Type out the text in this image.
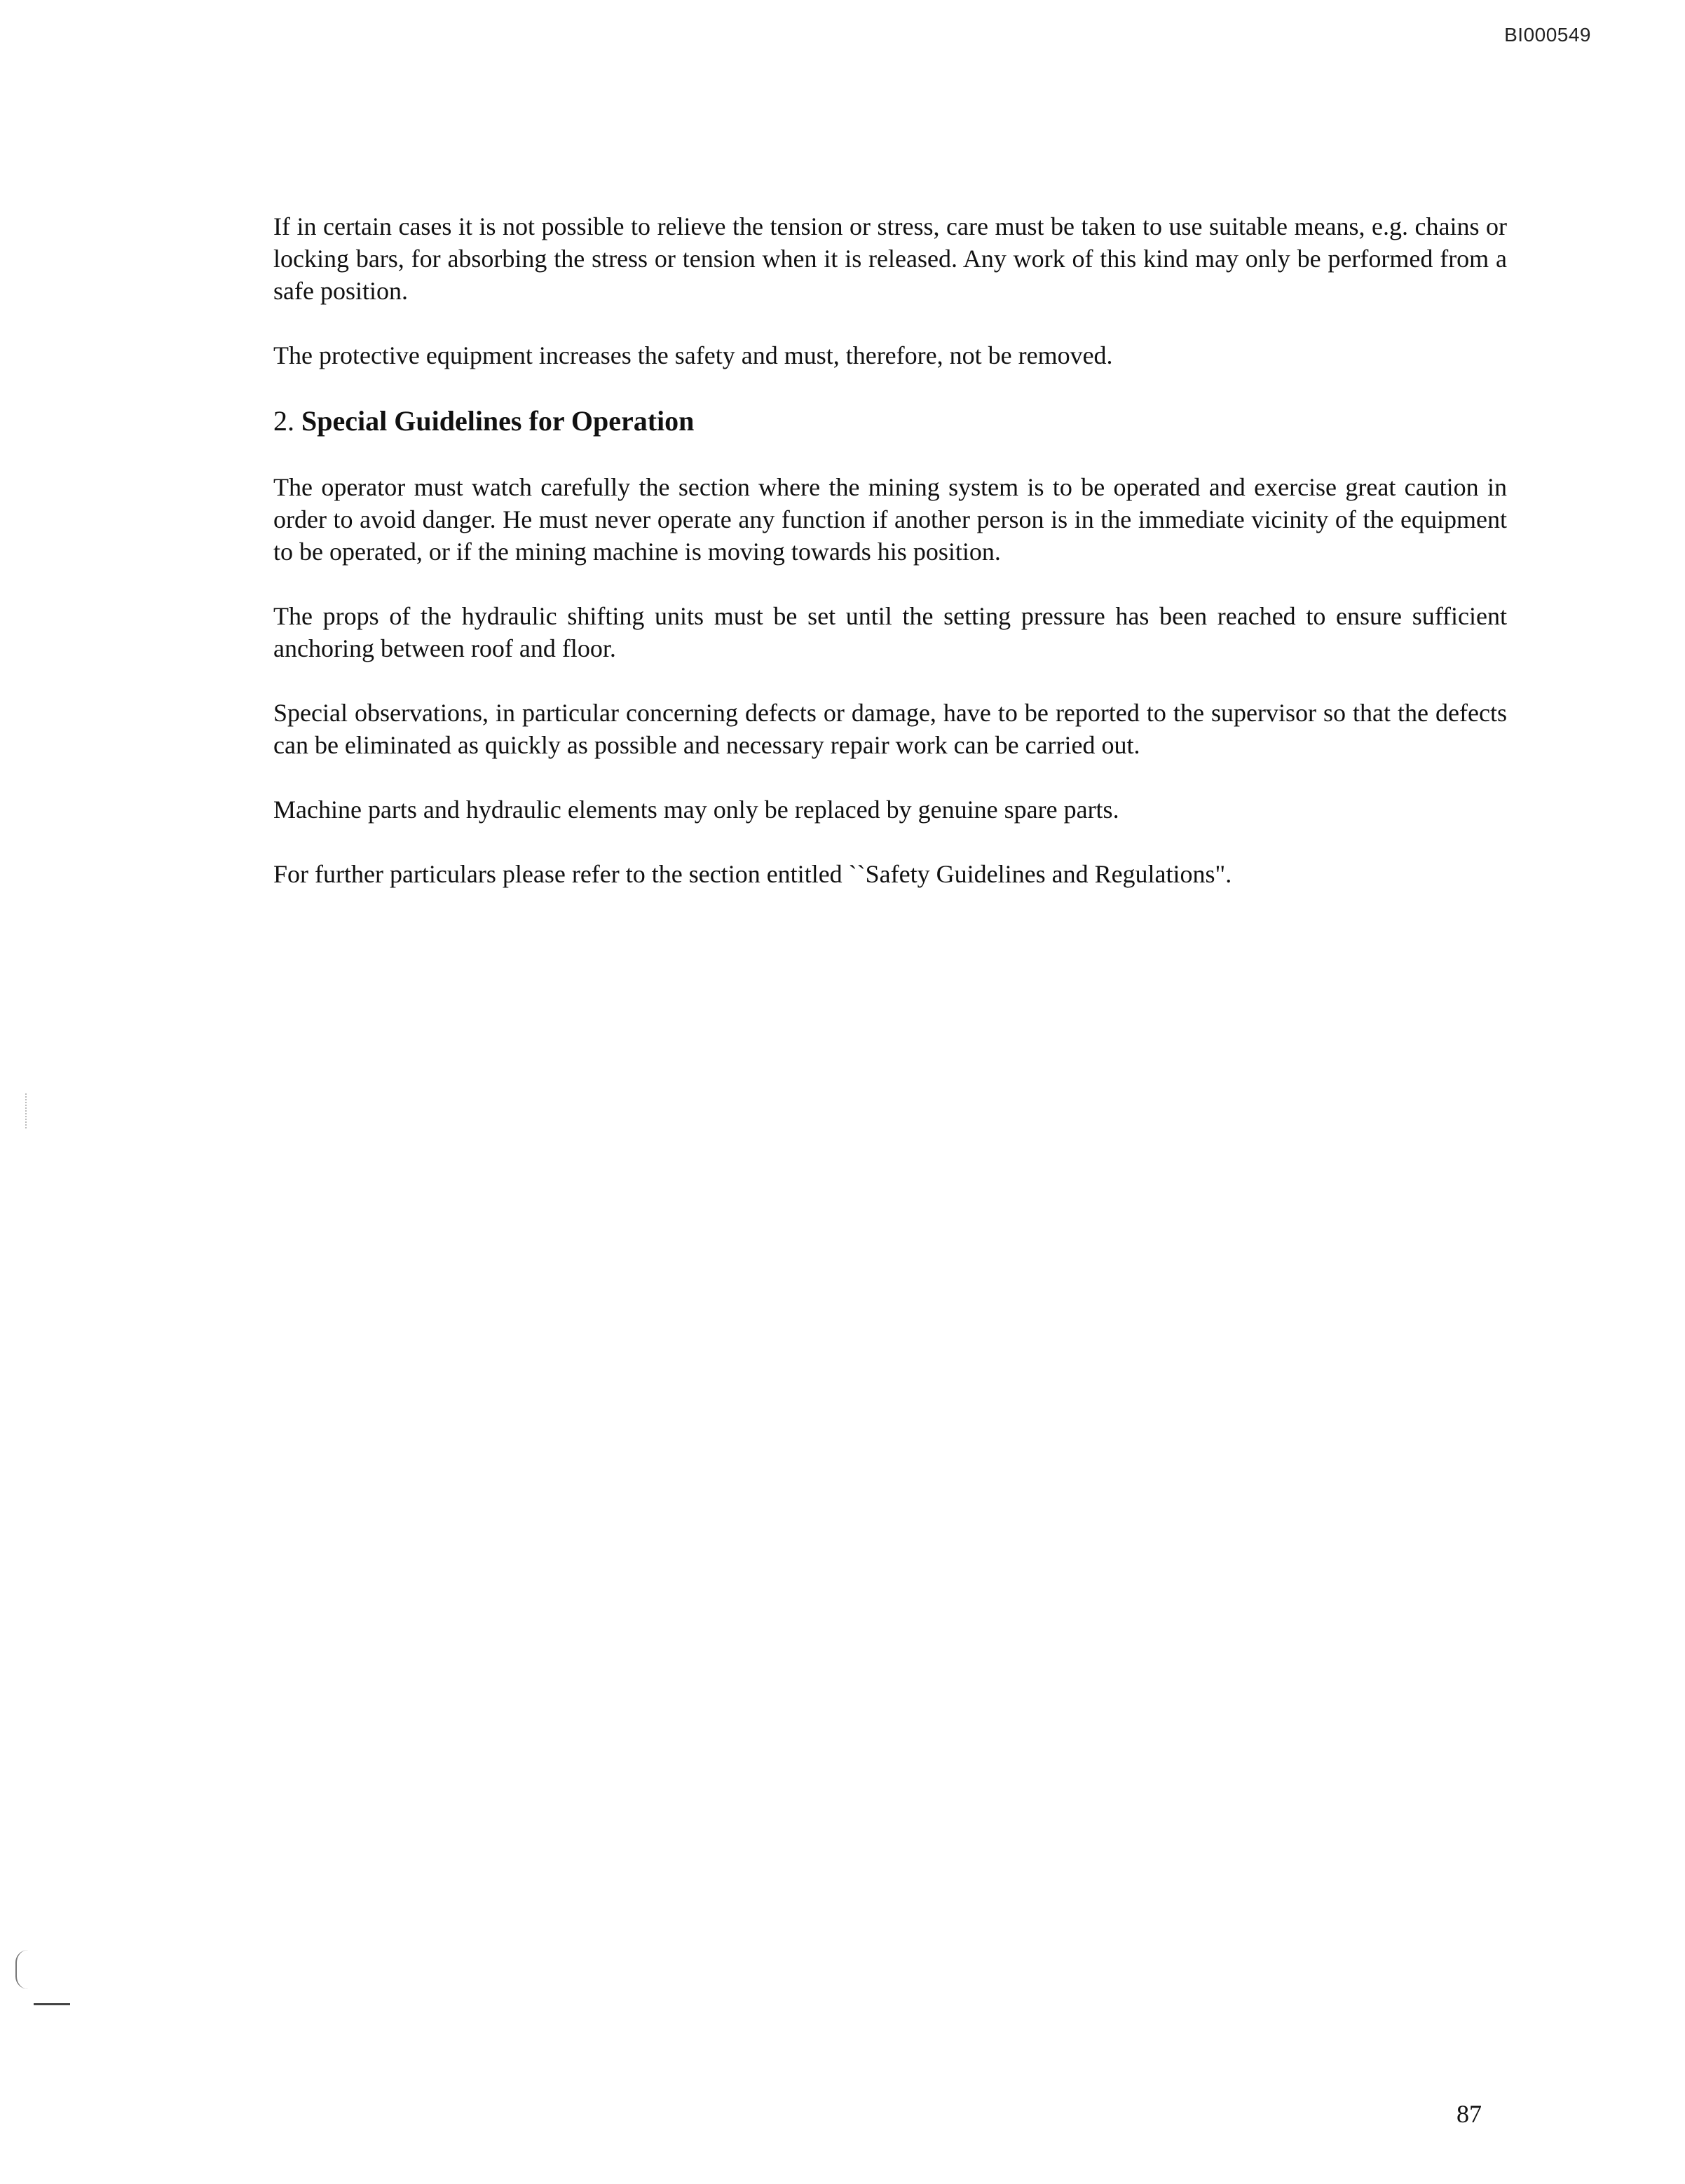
BI000549

If in certain cases it is not possible to relieve the tension or stress, care must be taken to use suitable means, e.g. chains or locking bars, for absorbing the stress or tension when it is released. Any work of this kind may only be performed from a safe position.

The protective equipment increases the safety and must, therefore, not be removed.

2. Special Guidelines for Operation

The operator must watch carefully the section where the mining system is to be operated and exercise great caution in order to avoid danger. He must never operate any function if another person is in the immediate vicinity of the equipment to be operated, or if the mining machine is moving towards his position.

The props of the hydraulic shifting units must be set until the setting pressure has been reached to ensure sufficient anchoring between roof and floor.

Special observations, in particular concerning defects or damage, have to be reported to the supervisor so that the defects can be eliminated as quickly as possible and necessary repair work can be carried out.

Machine parts and hydraulic elements may only be replaced by genuine spare parts.

For further particulars please refer to the section entitled ``Safety Guidelines and Regulations".

87
